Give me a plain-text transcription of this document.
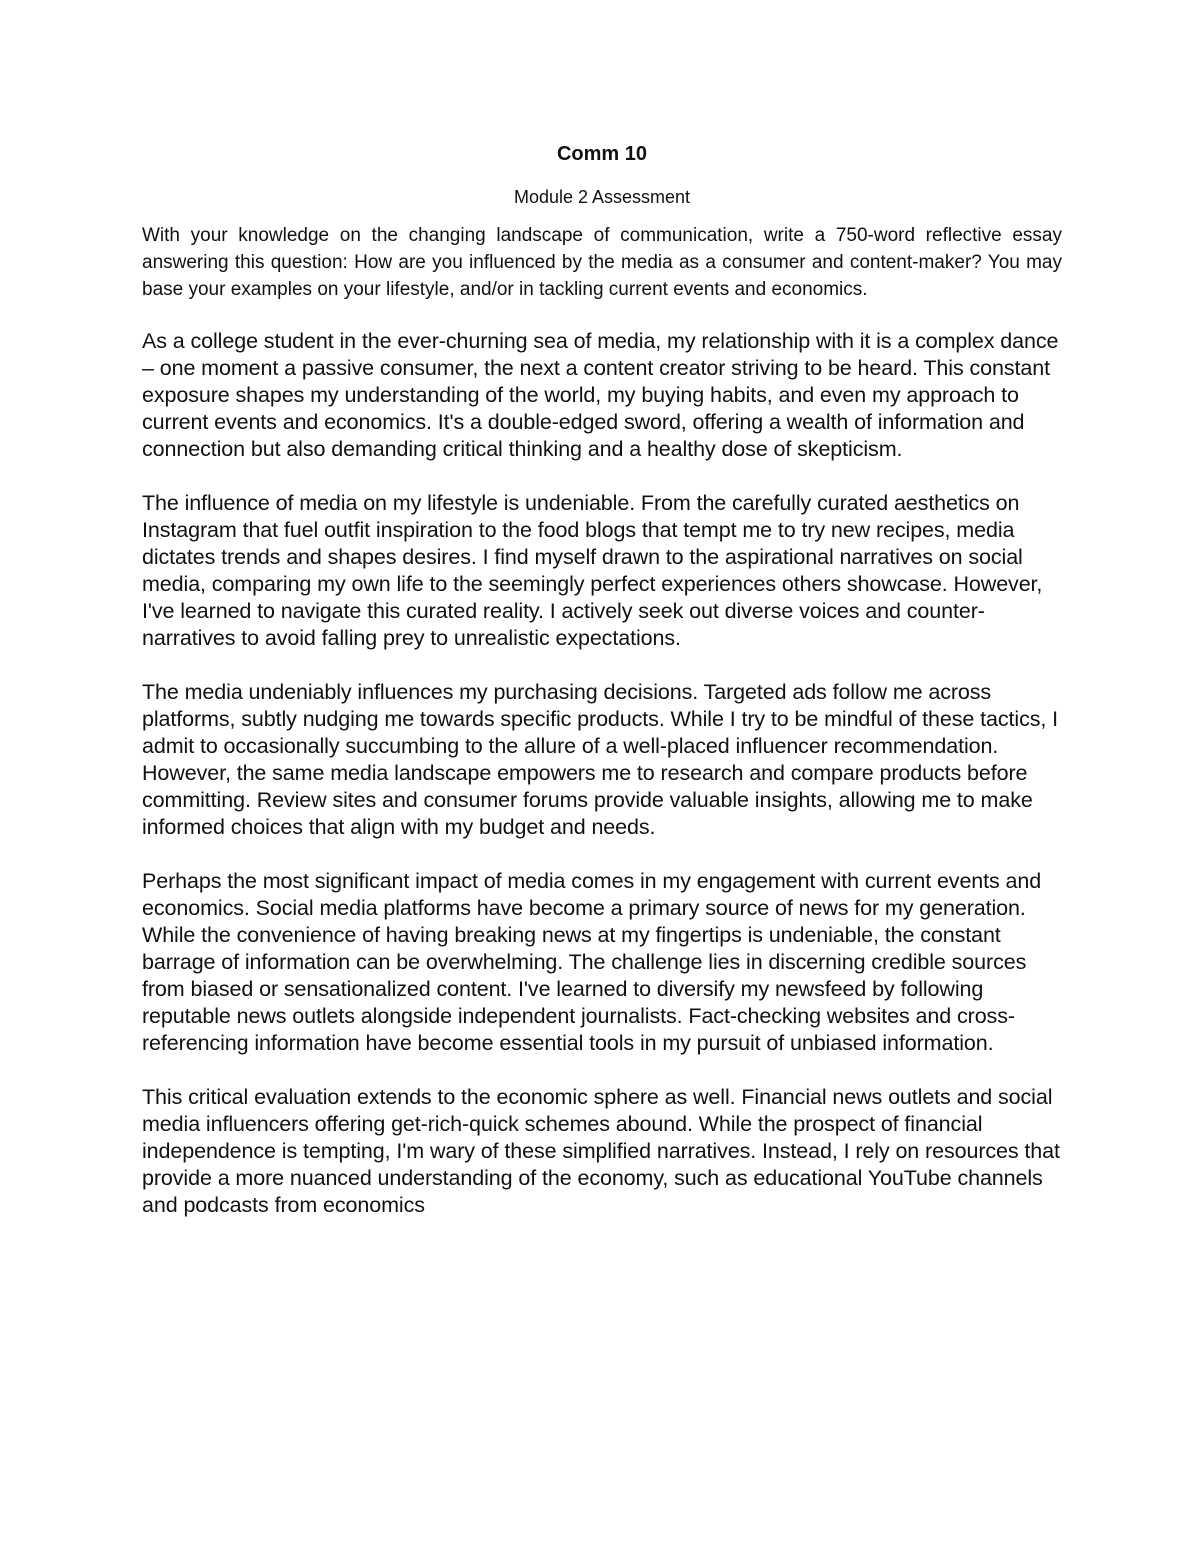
Comm 10
Module 2 Assessment

With your knowledge on the changing landscape of communication, write a 750-word reflective essay answering this question: How are you influenced by the media as a consumer and content-maker? You may base your examples on your lifestyle, and/or in tackling current events and economics.

As a college student in the ever-churning sea of media, my relationship with it is a complex dance – one moment a passive consumer, the next a content creator striving to be heard. This constant exposure shapes my understanding of the world, my buying habits, and even my approach to current events and economics. It's a double-edged sword, offering a wealth of information and connection but also demanding critical thinking and a healthy dose of skepticism.

The influence of media on my lifestyle is undeniable. From the carefully curated aesthetics on Instagram that fuel outfit inspiration to the food blogs that tempt me to try new recipes, media dictates trends and shapes desires. I find myself drawn to the aspirational narratives on social media, comparing my own life to the seemingly perfect experiences others showcase. However, I've learned to navigate this curated reality. I actively seek out diverse voices and counter-narratives to avoid falling prey to unrealistic expectations.

The media undeniably influences my purchasing decisions. Targeted ads follow me across platforms, subtly nudging me towards specific products. While I try to be mindful of these tactics, I admit to occasionally succumbing to the allure of a well-placed influencer recommendation. However, the same media landscape empowers me to research and compare products before committing. Review sites and consumer forums provide valuable insights, allowing me to make informed choices that align with my budget and needs.

Perhaps the most significant impact of media comes in my engagement with current events and economics. Social media platforms have become a primary source of news for my generation. While the convenience of having breaking news at my fingertips is undeniable, the constant barrage of information can be overwhelming. The challenge lies in discerning credible sources from biased or sensationalized content. I've learned to diversify my newsfeed by following reputable news outlets alongside independent journalists. Fact-checking websites and cross-referencing information have become essential tools in my pursuit of unbiased information.

This critical evaluation extends to the economic sphere as well. Financial news outlets and social media influencers offering get-rich-quick schemes abound. While the prospect of financial independence is tempting, I'm wary of these simplified narratives. Instead, I rely on resources that provide a more nuanced understanding of the economy, such as educational YouTube channels and podcasts from economics
